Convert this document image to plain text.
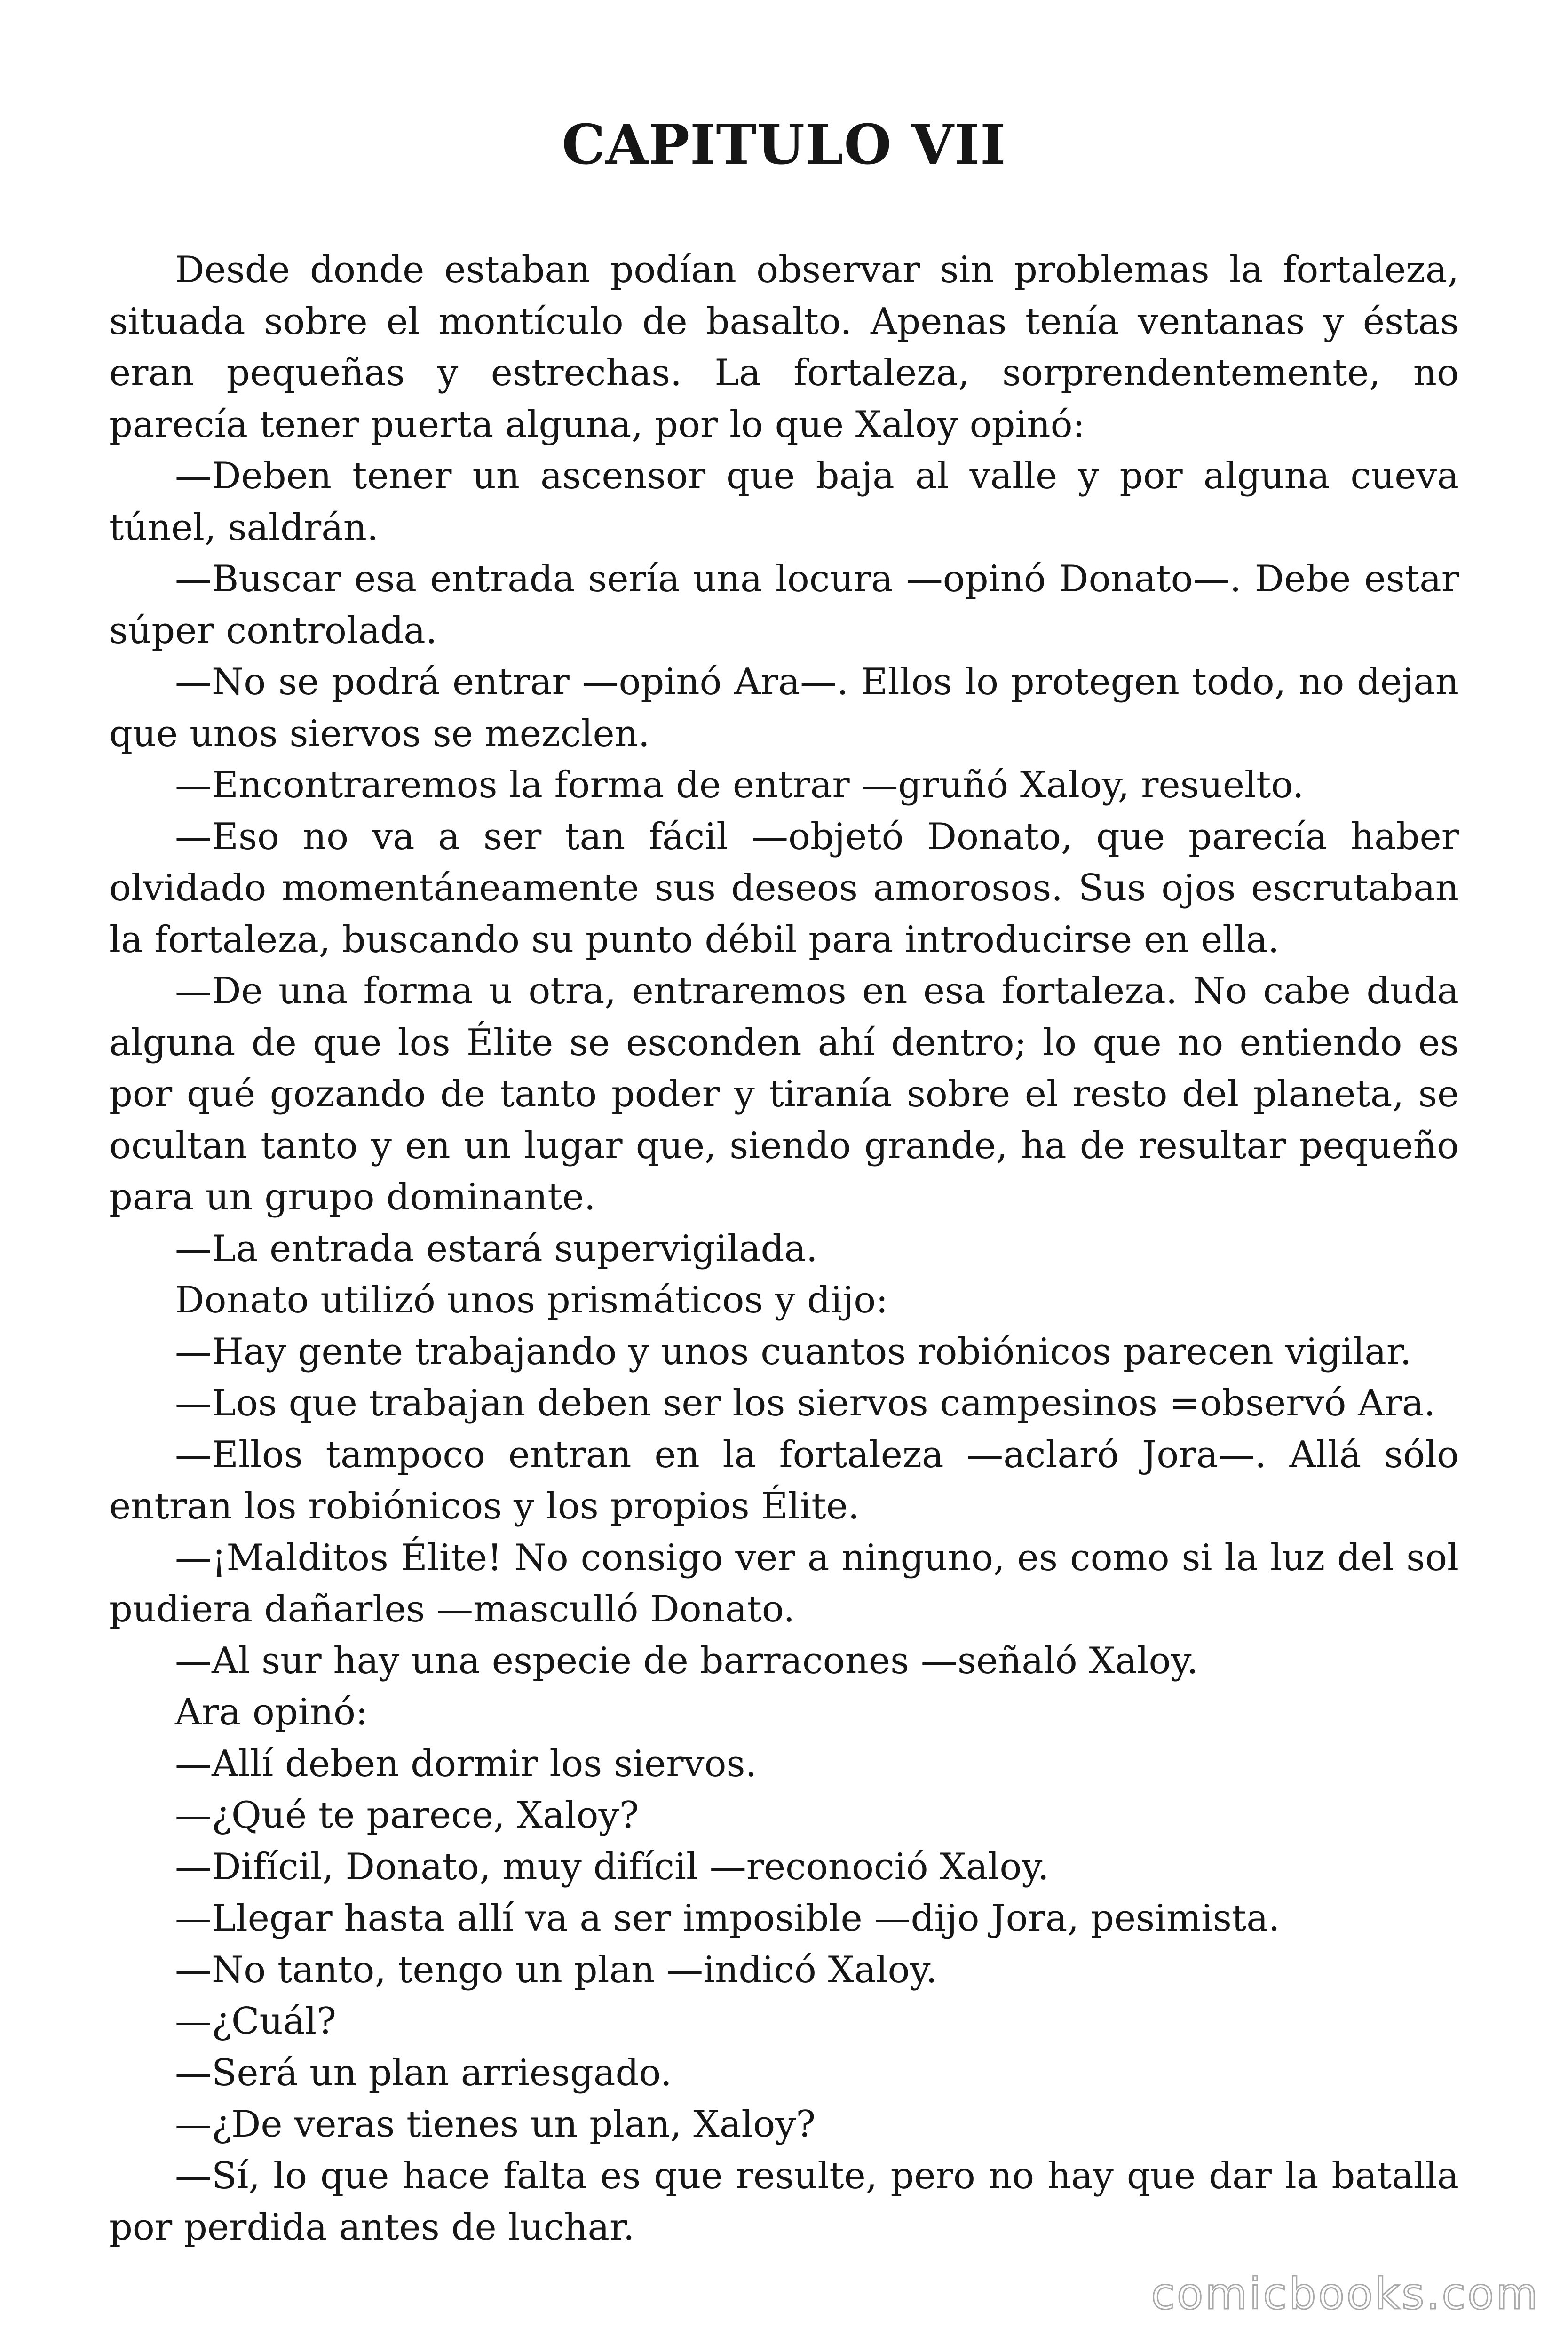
CAPITULO VII

Desde donde estaban podían observar sin problemas la fortaleza, situada sobre el montículo de basalto. Apenas tenía ventanas y éstas eran pequeñas y estrechas. La fortaleza, sorprendentemente, no parecía tener puerta alguna, por lo que Xaloy opinó:

—Deben tener un ascensor que baja al valle y por alguna cueva túnel, saldrán.

—Buscar esa entrada sería una locura —opinó Donato—. Debe estar súper controlada.

—No se podrá entrar —opinó Ara—. Ellos lo protegen todo, no dejan que unos siervos se mezclen.

—Encontraremos la forma de entrar —gruñó Xaloy, resuelto.

—Eso no va a ser tan fácil —objetó Donato, que parecía haber olvidado momentáneamente sus deseos amorosos. Sus ojos escrutaban la fortaleza, buscando su punto débil para introducirse en ella.

—De una forma u otra, entraremos en esa fortaleza. No cabe duda alguna de que los Élite se esconden ahí dentro; lo que no entiendo es por qué gozando de tanto poder y tiranía sobre el resto del planeta, se ocultan tanto y en un lugar que, siendo grande, ha de resultar pequeño para un grupo dominante.

—La entrada estará supervigilada.

Donato utilizó unos prismáticos y dijo:

—Hay gente trabajando y unos cuantos robiónicos parecen vigilar.

—Los que trabajan deben ser los siervos campesinos =observó Ara.

—Ellos tampoco entran en la fortaleza —aclaró Jora—. Allá sólo entran los robiónicos y los propios Élite.

—¡Malditos Élite! No consigo ver a ninguno, es como si la luz del sol pudiera dañarles —masculló Donato.

—Al sur hay una especie de barracones —señaló Xaloy.

Ara opinó:

—Allí deben dormir los siervos.

—¿Qué te parece, Xaloy?

—Difícil, Donato, muy difícil —reconoció Xaloy.

—Llegar hasta allí va a ser imposible —dijo Jora, pesimista.

—No tanto, tengo un plan —indicó Xaloy.

—¿Cuál?

—Será un plan arriesgado.

—¿De veras tienes un plan, Xaloy?

—Sí, lo que hace falta es que resulte, pero no hay que dar la batalla por perdida antes de luchar.

comicbooks.com
